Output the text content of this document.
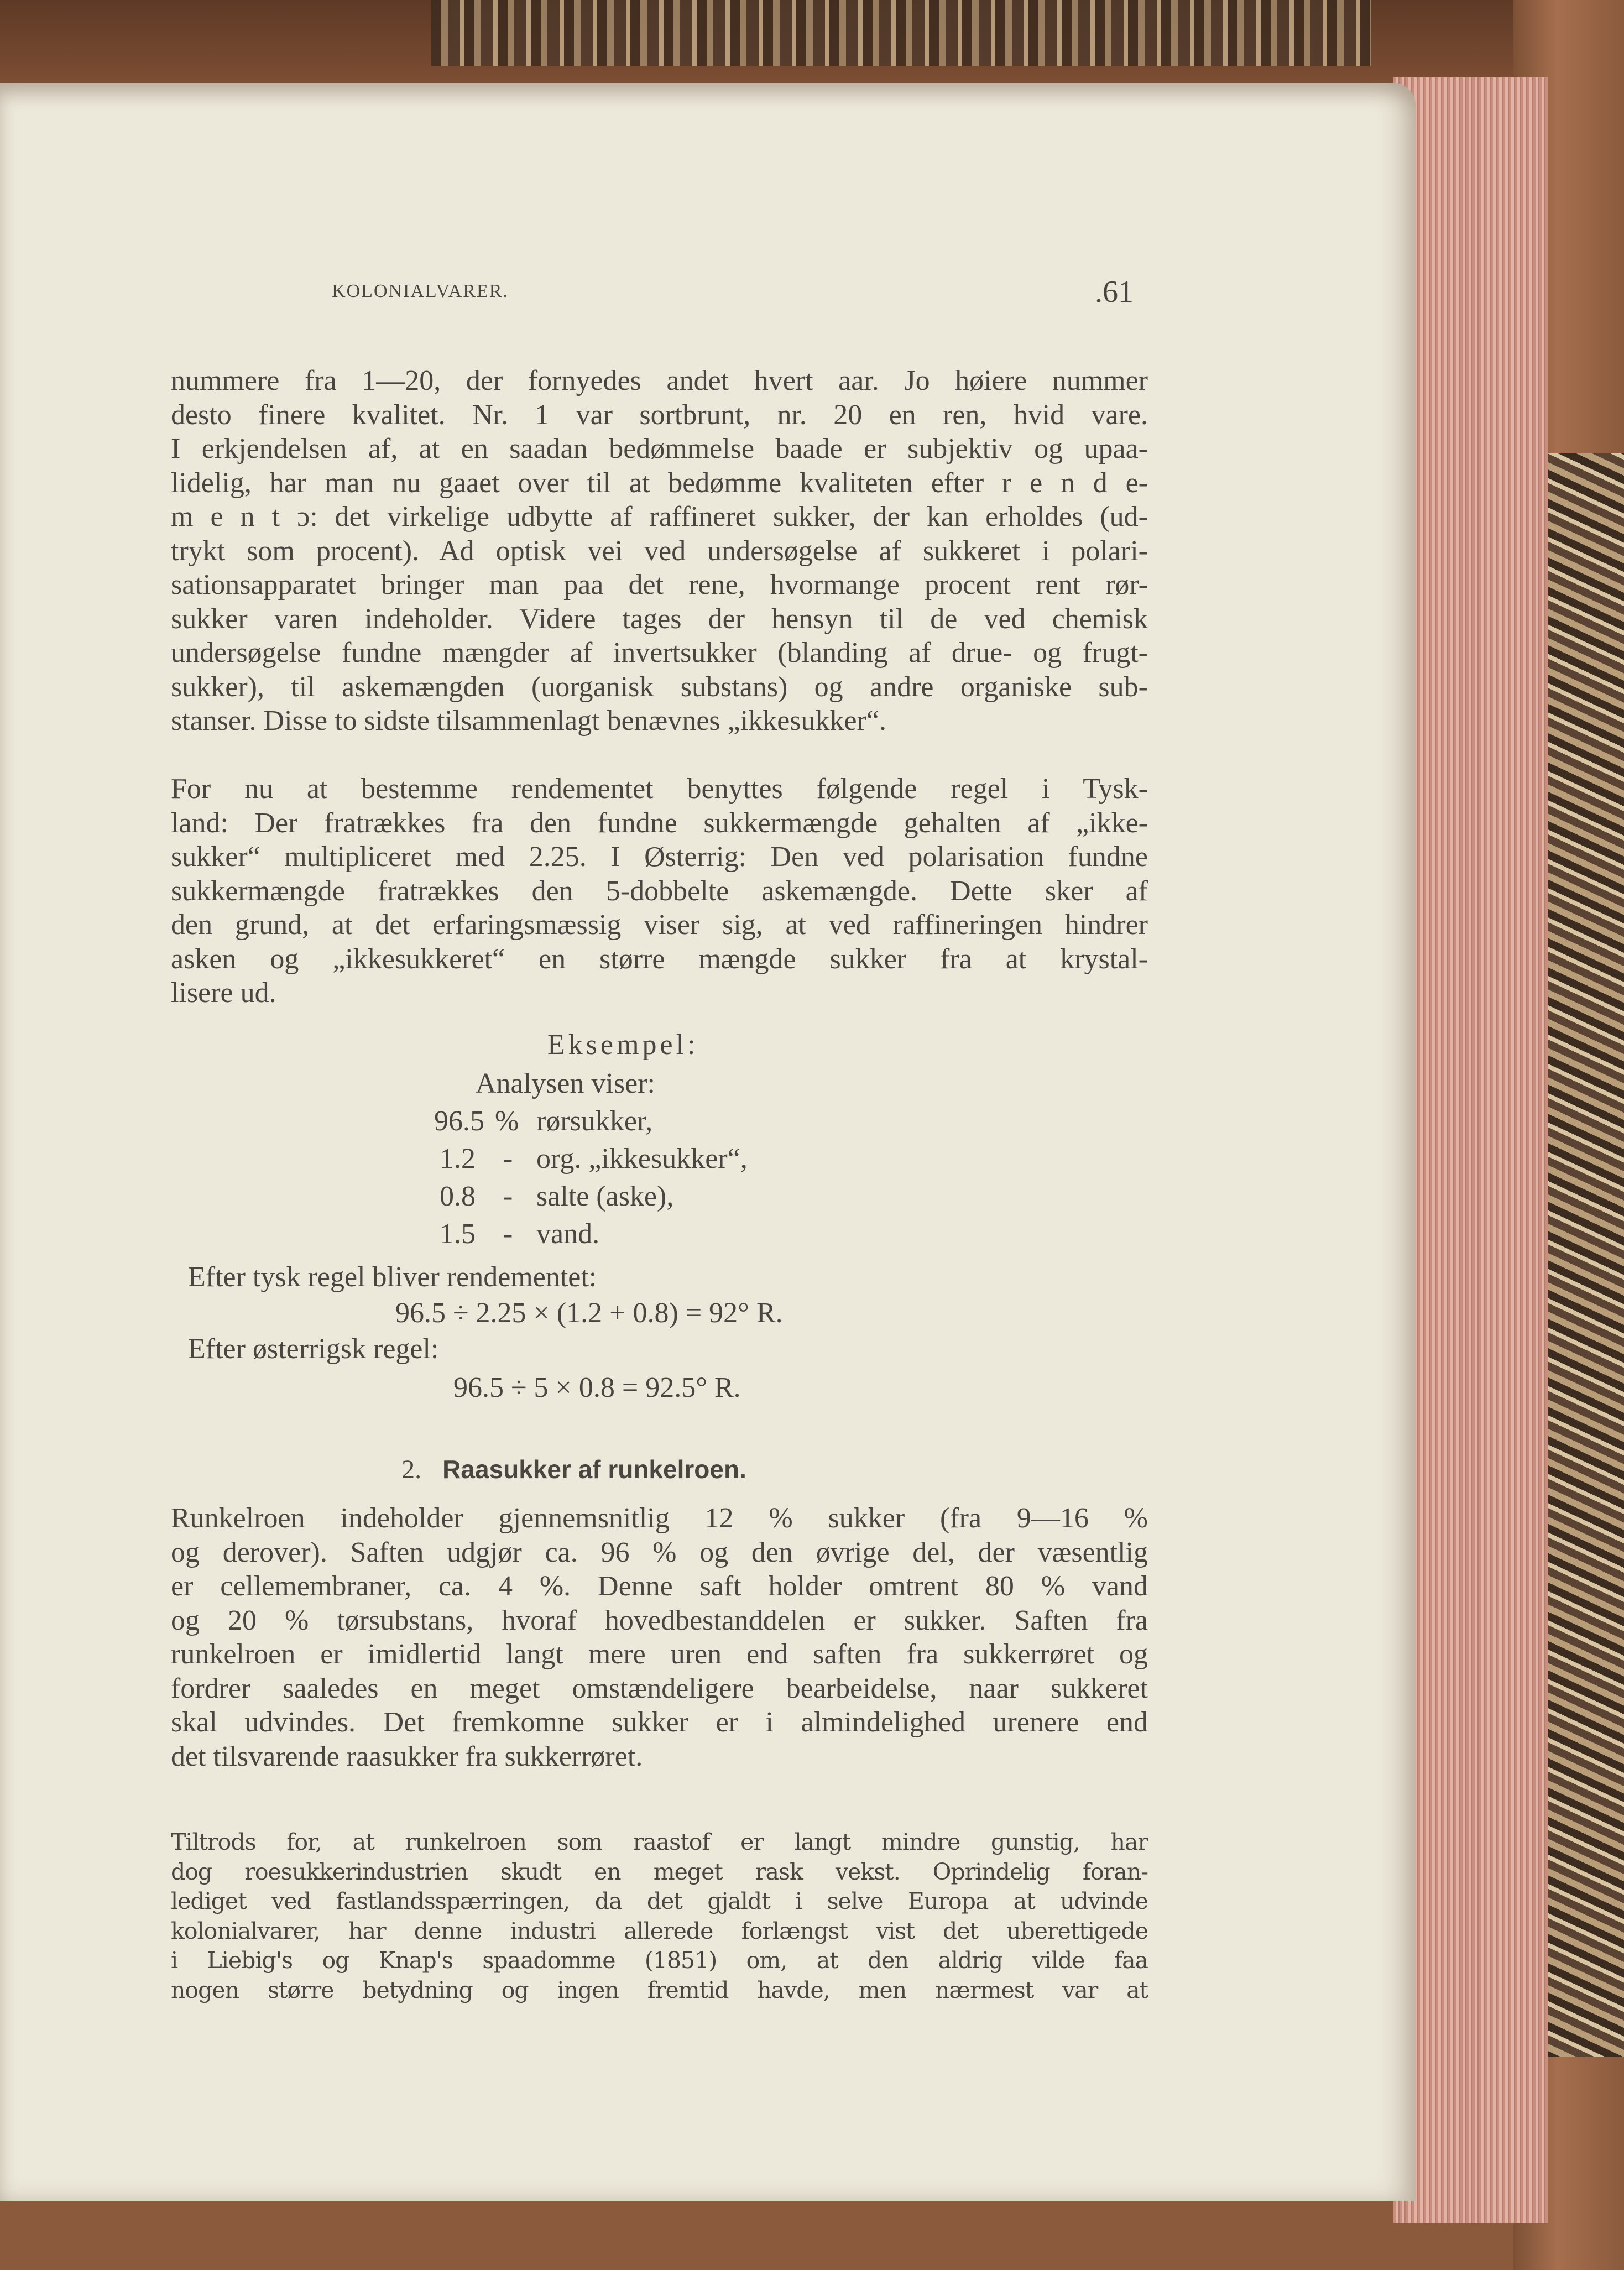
KOLONIALVARER.	.61
nummere fra 1—20, der fornyedes andet hvert aar. Jo høiere nummer
desto finere kvalitet. Nr. 1 var sortbrunt, nr. 20 en ren, hvid vare.
I erkjendelsen af, at en saadan bedømmelse baade er subjektiv og upaa-
lidelig, har man nu gaaet over til at bedømme kvaliteten efter r e n d e-
m e n t ɔ: det virkelige udbytte af raffineret sukker, der kan erholdes (ud-
trykt som procent). Ad optisk vei ved undersøgelse af sukkeret i polari-
sationsapparatet bringer man paa det rene, hvormange procent rent rør-
sukker varen indeholder. Videre tages der hensyn til de ved chemisk
undersøgelse fundne mængder af invertsukker (blanding af drue- og frugt-
sukker), til askemængden (uorganisk substans) og andre organiske sub-
stanser. Disse to sidste tilsammenlagt benævnes „ikkesukker“.
For nu at bestemme rendementet benyttes følgende regel i Tysk-
land: Der fratrækkes fra den fundne sukkermængde gehalten af „ikke-
sukker“ multipliceret med 2.25. I Østerrig: Den ved polarisation fundne
sukkermængde fratrækkes den 5-dobbelte askemængde. Dette sker af
den grund, at det erfaringsmæssig viser sig, at ved raffineringen hindrer
asken og „ikkesukkeret“ en større mængde sukker fra at krystal-
lisere ud.
Eksempel:
Analysen viser:
96.5 % rørsukker,
1.2 - org. „ikkesukker“,
0.8 - salte (aske),
1.5 - vand.
Efter tysk regel bliver rendementet:
96.5 ÷ 2.25 × (1.2 + 0.8) = 92° R.
Efter østerrigsk regel:
96.5 ÷ 5 × 0.8 = 92.5° R.
2. Raasukker af runkelroen.
Runkelroen indeholder gjennemsnitlig 12 % sukker (fra 9—16 %
og derover). Saften udgjør ca. 96 % og den øvrige del, der væsentlig
er cellemembraner, ca. 4 %. Denne saft holder omtrent 80 % vand
og 20 % tørsubstans, hvoraf hovedbestanddelen er sukker. Saften fra
runkelroen er imidlertid langt mere uren end saften fra sukkerrøret og
fordrer saaledes en meget omstændeligere bearbeidelse, naar sukkeret
skal udvindes. Det fremkomne sukker er i almindelighed urenere end
det tilsvarende raasukker fra sukkerrøret.
Tiltrods for, at runkelroen som raastof er langt mindre gunstig, har
dog roesukkerindustrien skudt en meget rask vekst. Oprindelig foran-
lediget ved fastlandsspærringen, da det gjaldt i selve Europa at udvinde
kolonialvarer, har denne industri allerede forlængst vist det uberettigede
i Liebig's og Knap's spaadomme (1851) om, at den aldrig vilde faa
nogen større betydning og ingen fremtid havde, men nærmest var at
